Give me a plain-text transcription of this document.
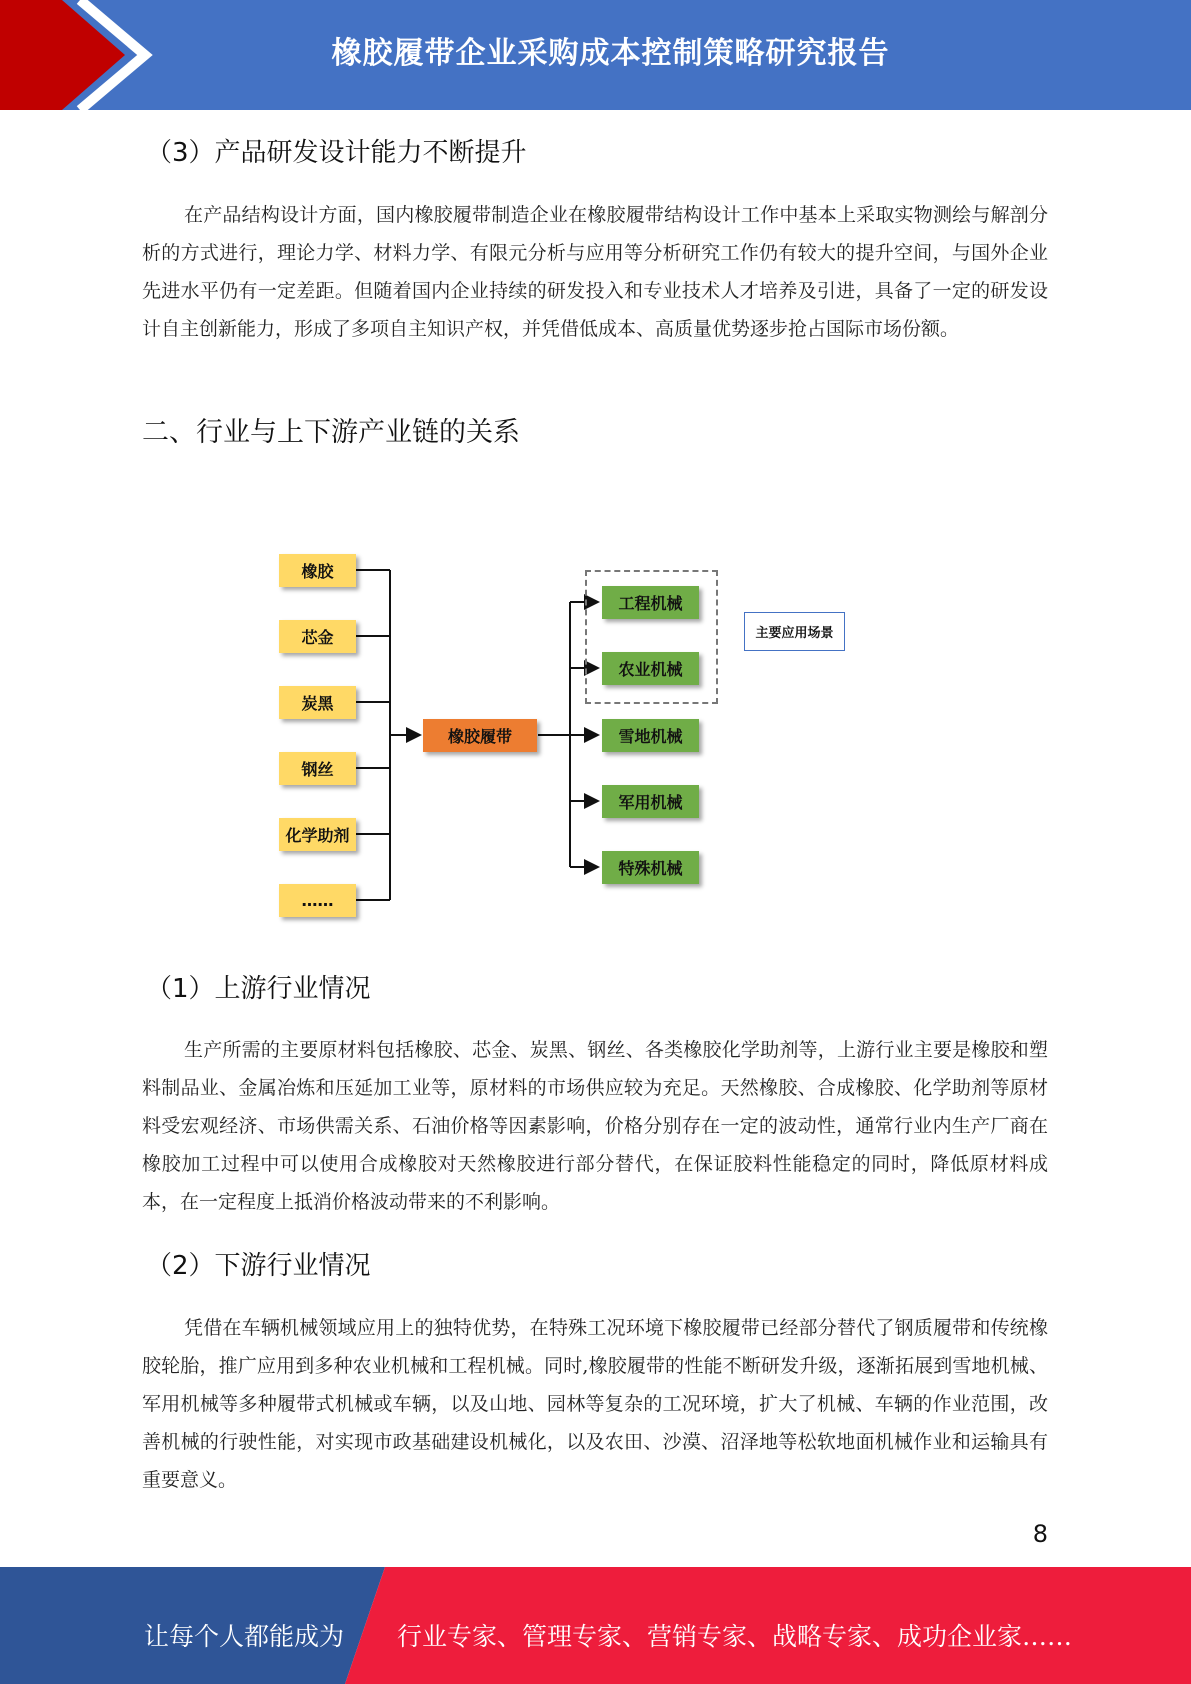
橡胶履带企业采购成本控制策略研究报告
（3）产品研发设计能力不断提升
在产品结构设计方面，国内橡胶履带制造企业在橡胶履带结构设计工作中基本上采取实物测绘与解剖分析的方式进行，理论力学、材料力学、有限元分析与应用等分析研究工作仍有较大的提升空间，与国外企业先进水平仍有一定差距。但随着国内企业持续的研发投入和专业技术人才培养及引进，具备了一定的研发设计自主创新能力，形成了多项自主知识产权，并凭借低成本、高质量优势逐步抢占国际市场份额。
二、行业与上下游产业链的关系
橡胶
芯金
炭黑
钢丝
化学助剂
……
橡胶履带
工程机械
农业机械
雪地机械
军用机械
特殊机械
主要应用场景
（1）上游行业情况
生产所需的主要原材料包括橡胶、芯金、炭黑、钢丝、各类橡胶化学助剂等，上游行业主要是橡胶和塑料制品业、金属冶炼和压延加工业等，原材料的市场供应较为充足。天然橡胶、合成橡胶、化学助剂等原材料受宏观经济、市场供需关系、石油价格等因素影响，价格分别存在一定的波动性，通常行业内生产厂商在橡胶加工过程中可以使用合成橡胶对天然橡胶进行部分替代，在保证胶料性能稳定的同时，降低原材料成本，在一定程度上抵消价格波动带来的不利影响。
（2）下游行业情况
凭借在车辆机械领域应用上的独特优势，在特殊工况环境下橡胶履带已经部分替代了钢质履带和传统橡胶轮胎，推广应用到多种农业机械和工程机械。同时,橡胶履带的性能不断研发升级，逐渐拓展到雪地机械、军用机械等多种履带式机械或车辆，以及山地、园林等复杂的工况环境，扩大了机械、车辆的作业范围，改善机械的行驶性能，对实现市政基础建设机械化，以及农田、沙漠、沼泽地等松软地面机械作业和运输具有重要意义。
8
让每个人都能成为 行业专家、管理专家、营销专家、战略专家、成功企业家……
